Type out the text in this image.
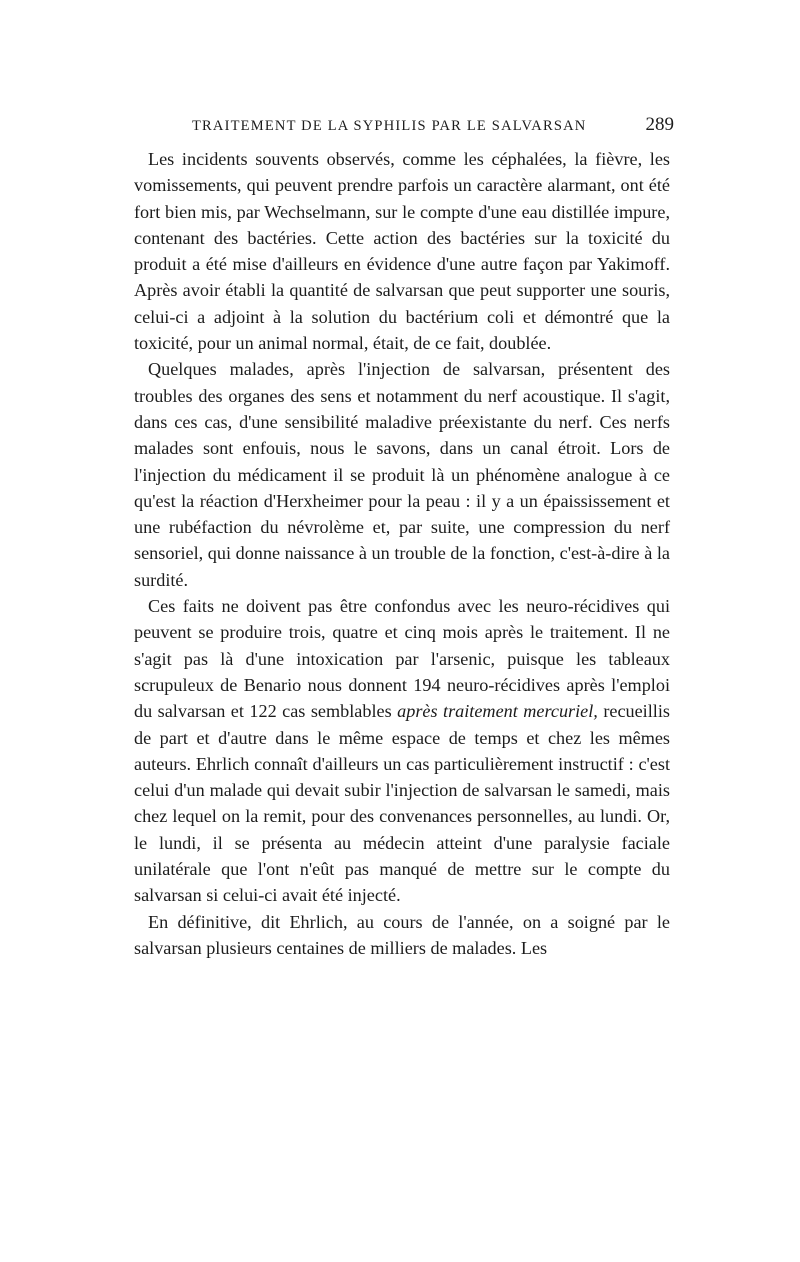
TRAITEMENT DE LA SYPHILIS PAR LE SALVARSAN	289

Les incidents souvents observés, comme les céphalées, la fièvre, les vomissements, qui peuvent prendre parfois un caractère alarmant, ont été fort bien mis, par Wechselmann, sur le compte d'une eau distillée impure, contenant des bactéries. Cette action des bactéries sur la toxicité du produit a été mise d'ailleurs en évidence d'une autre façon par Yakimoff. Après avoir établi la quantité de salvarsan que peut supporter une souris, celui-ci a adjoint à la solution du bactérium coli et démontré que la toxicité, pour un animal normal, était, de ce fait, doublée.

Quelques malades, après l'injection de salvarsan, présentent des troubles des organes des sens et notamment du nerf acoustique. Il s'agit, dans ces cas, d'une sensibilité maladive préexistante du nerf. Ces nerfs malades sont enfouis, nous le savons, dans un canal étroit. Lors de l'injection du médicament il se produit là un phénomène analogue à ce qu'est la réaction d'Herxheimer pour la peau : il y a un épaississement et une rubéfaction du névrolème et, par suite, une compression du nerf sensoriel, qui donne naissance à un trouble de la fonction, c'est-à-dire à la surdité.

Ces faits ne doivent pas être confondus avec les neuro-récidives qui peuvent se produire trois, quatre et cinq mois après le traitement. Il ne s'agit pas là d'une intoxication par l'arsenic, puisque les tableaux scrupuleux de Benario nous donnent 194 neuro-récidives après l'emploi du salvarsan et 122 cas semblables après traitement mercuriel, recueillis de part et d'autre dans le même espace de temps et chez les mêmes auteurs. Ehrlich connaît d'ailleurs un cas particulièrement instructif : c'est celui d'un malade qui devait subir l'injection de salvarsan le samedi, mais chez lequel on la remit, pour des convenances personnelles, au lundi. Or, le lundi, il se présenta au médecin atteint d'une paralysie faciale unilatérale que l'ont n'eût pas manqué de mettre sur le compte du salvarsan si celui-ci avait été injecté.

En définitive, dit Ehrlich, au cours de l'année, on a soigné par le salvarsan plusieurs centaines de milliers de malades. Les
